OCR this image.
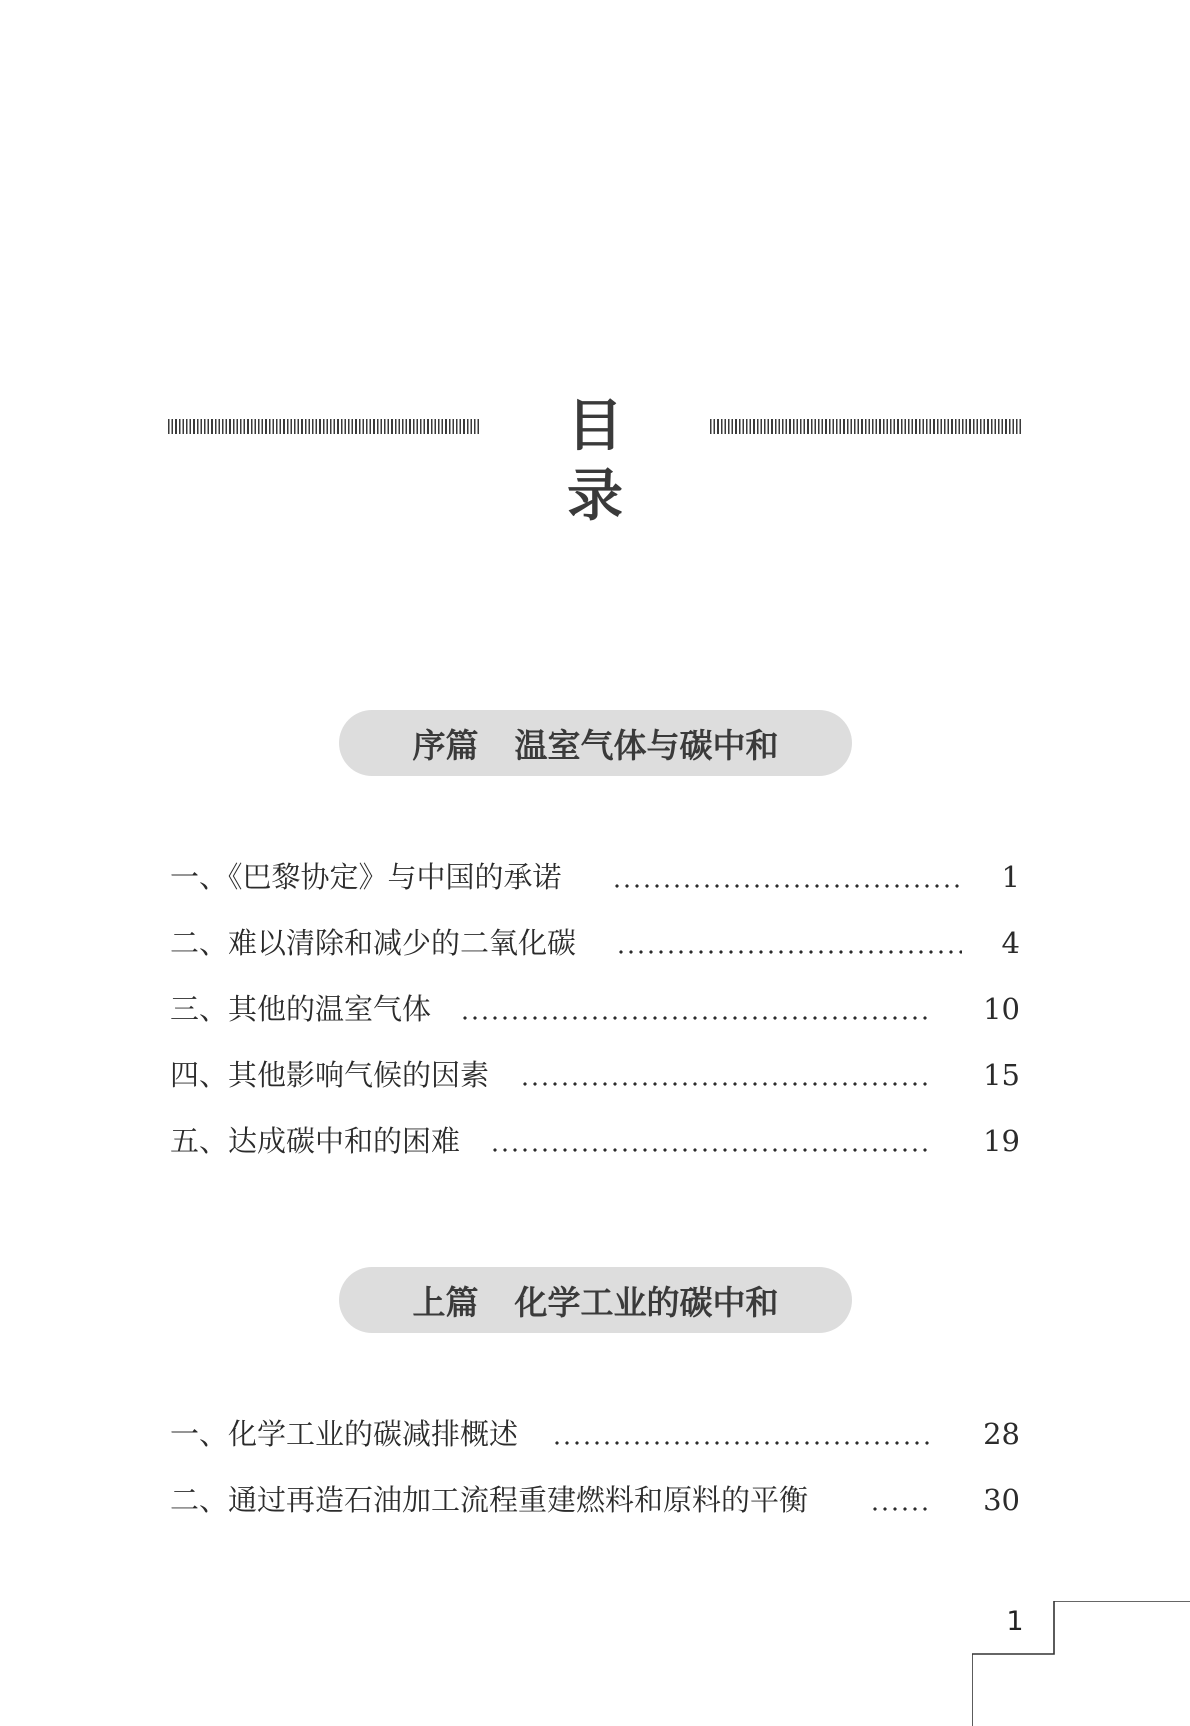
目录
序篇 温室气体与碳中和
一、《巴黎协定》与中国的承诺	1
二、难以清除和减少的二氧化碳	4
三、其他的温室气体	10
四、其他影响气候的因素	15
五、达成碳中和的困难	19
上篇 化学工业的碳中和
一、化学工业的碳减排概述	28
二、通过再造石油加工流程重建燃料和原料的平衡	30
1
